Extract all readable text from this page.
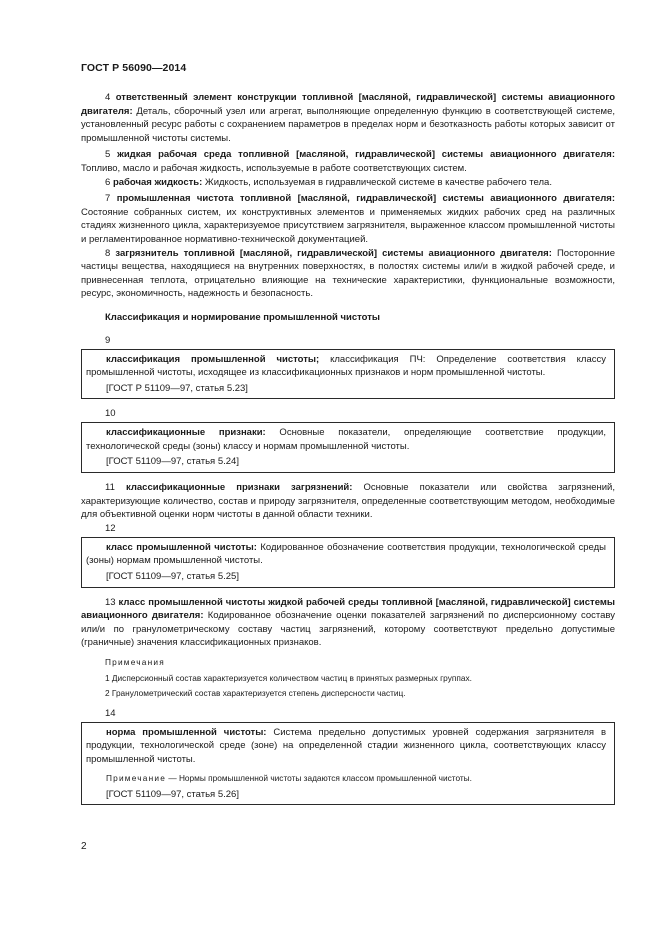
ГОСТ Р 56090—2014

4 ответственный элемент конструкции топливной [масляной, гидравлической] системы авиационного двигателя: Деталь, сборочный узел или агрегат, выполняющие определенную функцию в соответствующей системе, установленный ресурс работы с сохранением параметров в пределах норм и безотказность работы которых зависит от промышленной чистоты системы.

5 жидкая рабочая среда топливной [масляной, гидравлической] системы авиационного двигателя: Топливо, масло и рабочая жидкость, используемые в работе соответствующих систем.

6 рабочая жидкость: Жидкость, используемая в гидравлической системе в качестве рабочего тела.

7 промышленная чистота топливной [масляной, гидравлической] системы авиационного двигателя: Состояние собранных систем, их конструктивных элементов и применяемых жидких рабочих сред на различных стадиях жизненного цикла, характеризуемое присутствием загрязнителя, выраженное классом промышленной чистоты и регламентированное нормативно-технической документацией.

8 загрязнитель топливной [масляной, гидравлической] системы авиационного двигателя: Посторонние частицы вещества, находящиеся на внутренних поверхностях, в полостях системы или/и в жидкой рабочей среде, и привнесенная теплота, отрицательно влияющие на технические характеристики, функциональные возможности, ресурс, экономичность, надежность и безопасность.

Классификация и нормирование промышленной чистоты

9

классификация промышленной чистоты; классификация ПЧ: Определение соответствия классу промышленной чистоты, исходящее из классификационных признаков и норм промышленной чистоты.

[ГОСТ Р 51109—97, статья 5.23]

10

классификационные признаки: Основные показатели, определяющие соответствие продукции, технологической среды (зоны) классу и нормам промышленной чистоты.

[ГОСТ 51109—97, статья 5.24]

11 классификационные признаки загрязнений: Основные показатели или свойства загрязнений, характеризующие количество, состав и природу загрязнителя, определенные соответствующим методом, необходимые для объективной оценки норм чистоты в данной области техники.

12

класс промышленной чистоты: Кодированное обозначение соответствия продукции, технологической среды (зоны) нормам промышленной чистоты.

[ГОСТ 51109—97, статья 5.25]

13 класс промышленной чистоты жидкой рабочей среды топливной [масляной, гидравлической] системы авиационного двигателя: Кодированное обозначение оценки показателей загрязнений по дисперсионному составу или/и по гранулометрическому составу частиц загрязнений, которому соответствуют предельно допустимые (граничные) значения классификационных признаков.

Примечания

1 Дисперсионный состав характеризуется количеством частиц в принятых размерных группах.

2 Гранулометрический состав характеризуется степень дисперсности частиц.

14

норма промышленной чистоты: Система предельно допустимых уровней содержания загрязнителя в продукции, технологической среде (зоне) на определенной стадии жизненного цикла, соответствующих классу промышленной чистоты.

Примечание — Нормы промышленной чистоты задаются классом промышленной чистоты.

[ГОСТ 51109—97, статья 5.26]

2
